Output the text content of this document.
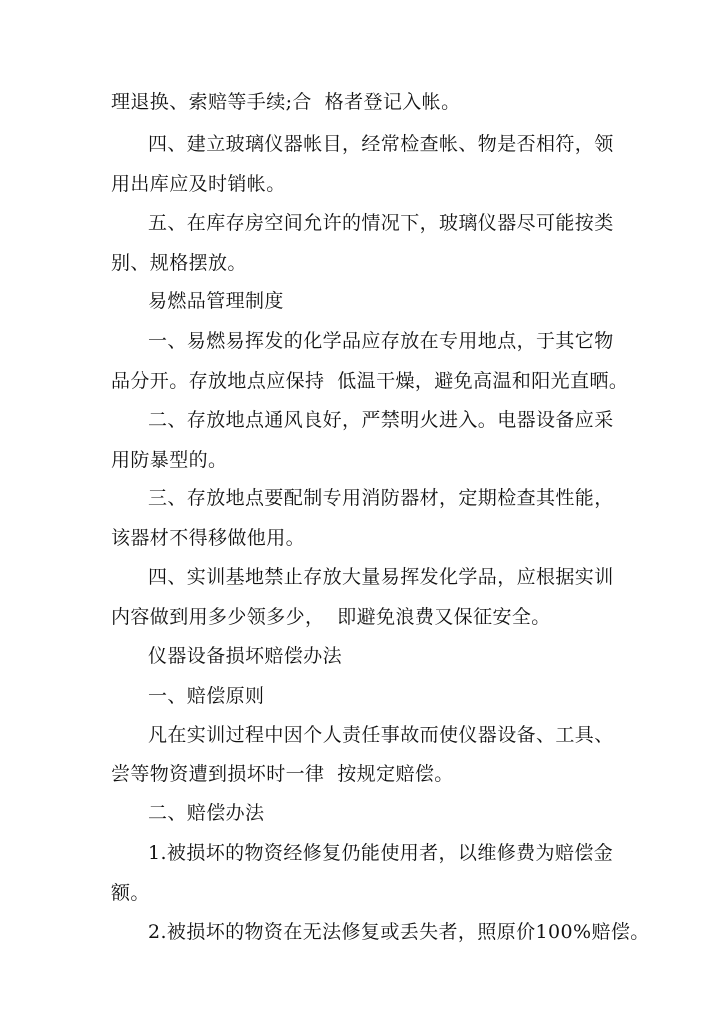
理退换、索赔等手续;合  格者登记入帐。
四、建立玻璃仪器帐目，经常检查帐、物是否相符，领
用出库应及时销帐。
五、在库存房空间允许的情况下，玻璃仪器尽可能按类
别、规格摆放。
易燃品管理制度
一、易燃易挥发的化学品应存放在专用地点，于其它物
品分开。存放地点应保持  低温干燥，避免高温和阳光直晒。
二、存放地点通风良好，严禁明火进入。电器设备应采
用防暴型的。
三、存放地点要配制专用消防器材，定期检查其性能，
该器材不得移做他用。
四、实训基地禁止存放大量易挥发化学品，应根据实训
内容做到用多少领多少，  即避免浪费又保征安全。
仪器设备损坏赔偿办法
一、赔偿原则
凡在实训过程中因个人责任事故而使仪器设备、工具、
尝等物资遭到损坏时一律  按规定赔偿。
二、赔偿办法
1.被损坏的物资经修复仍能使用者，以维修费为赔偿金
额。
2.被损坏的物资在无法修复或丢失者，照原价100%赔偿。
